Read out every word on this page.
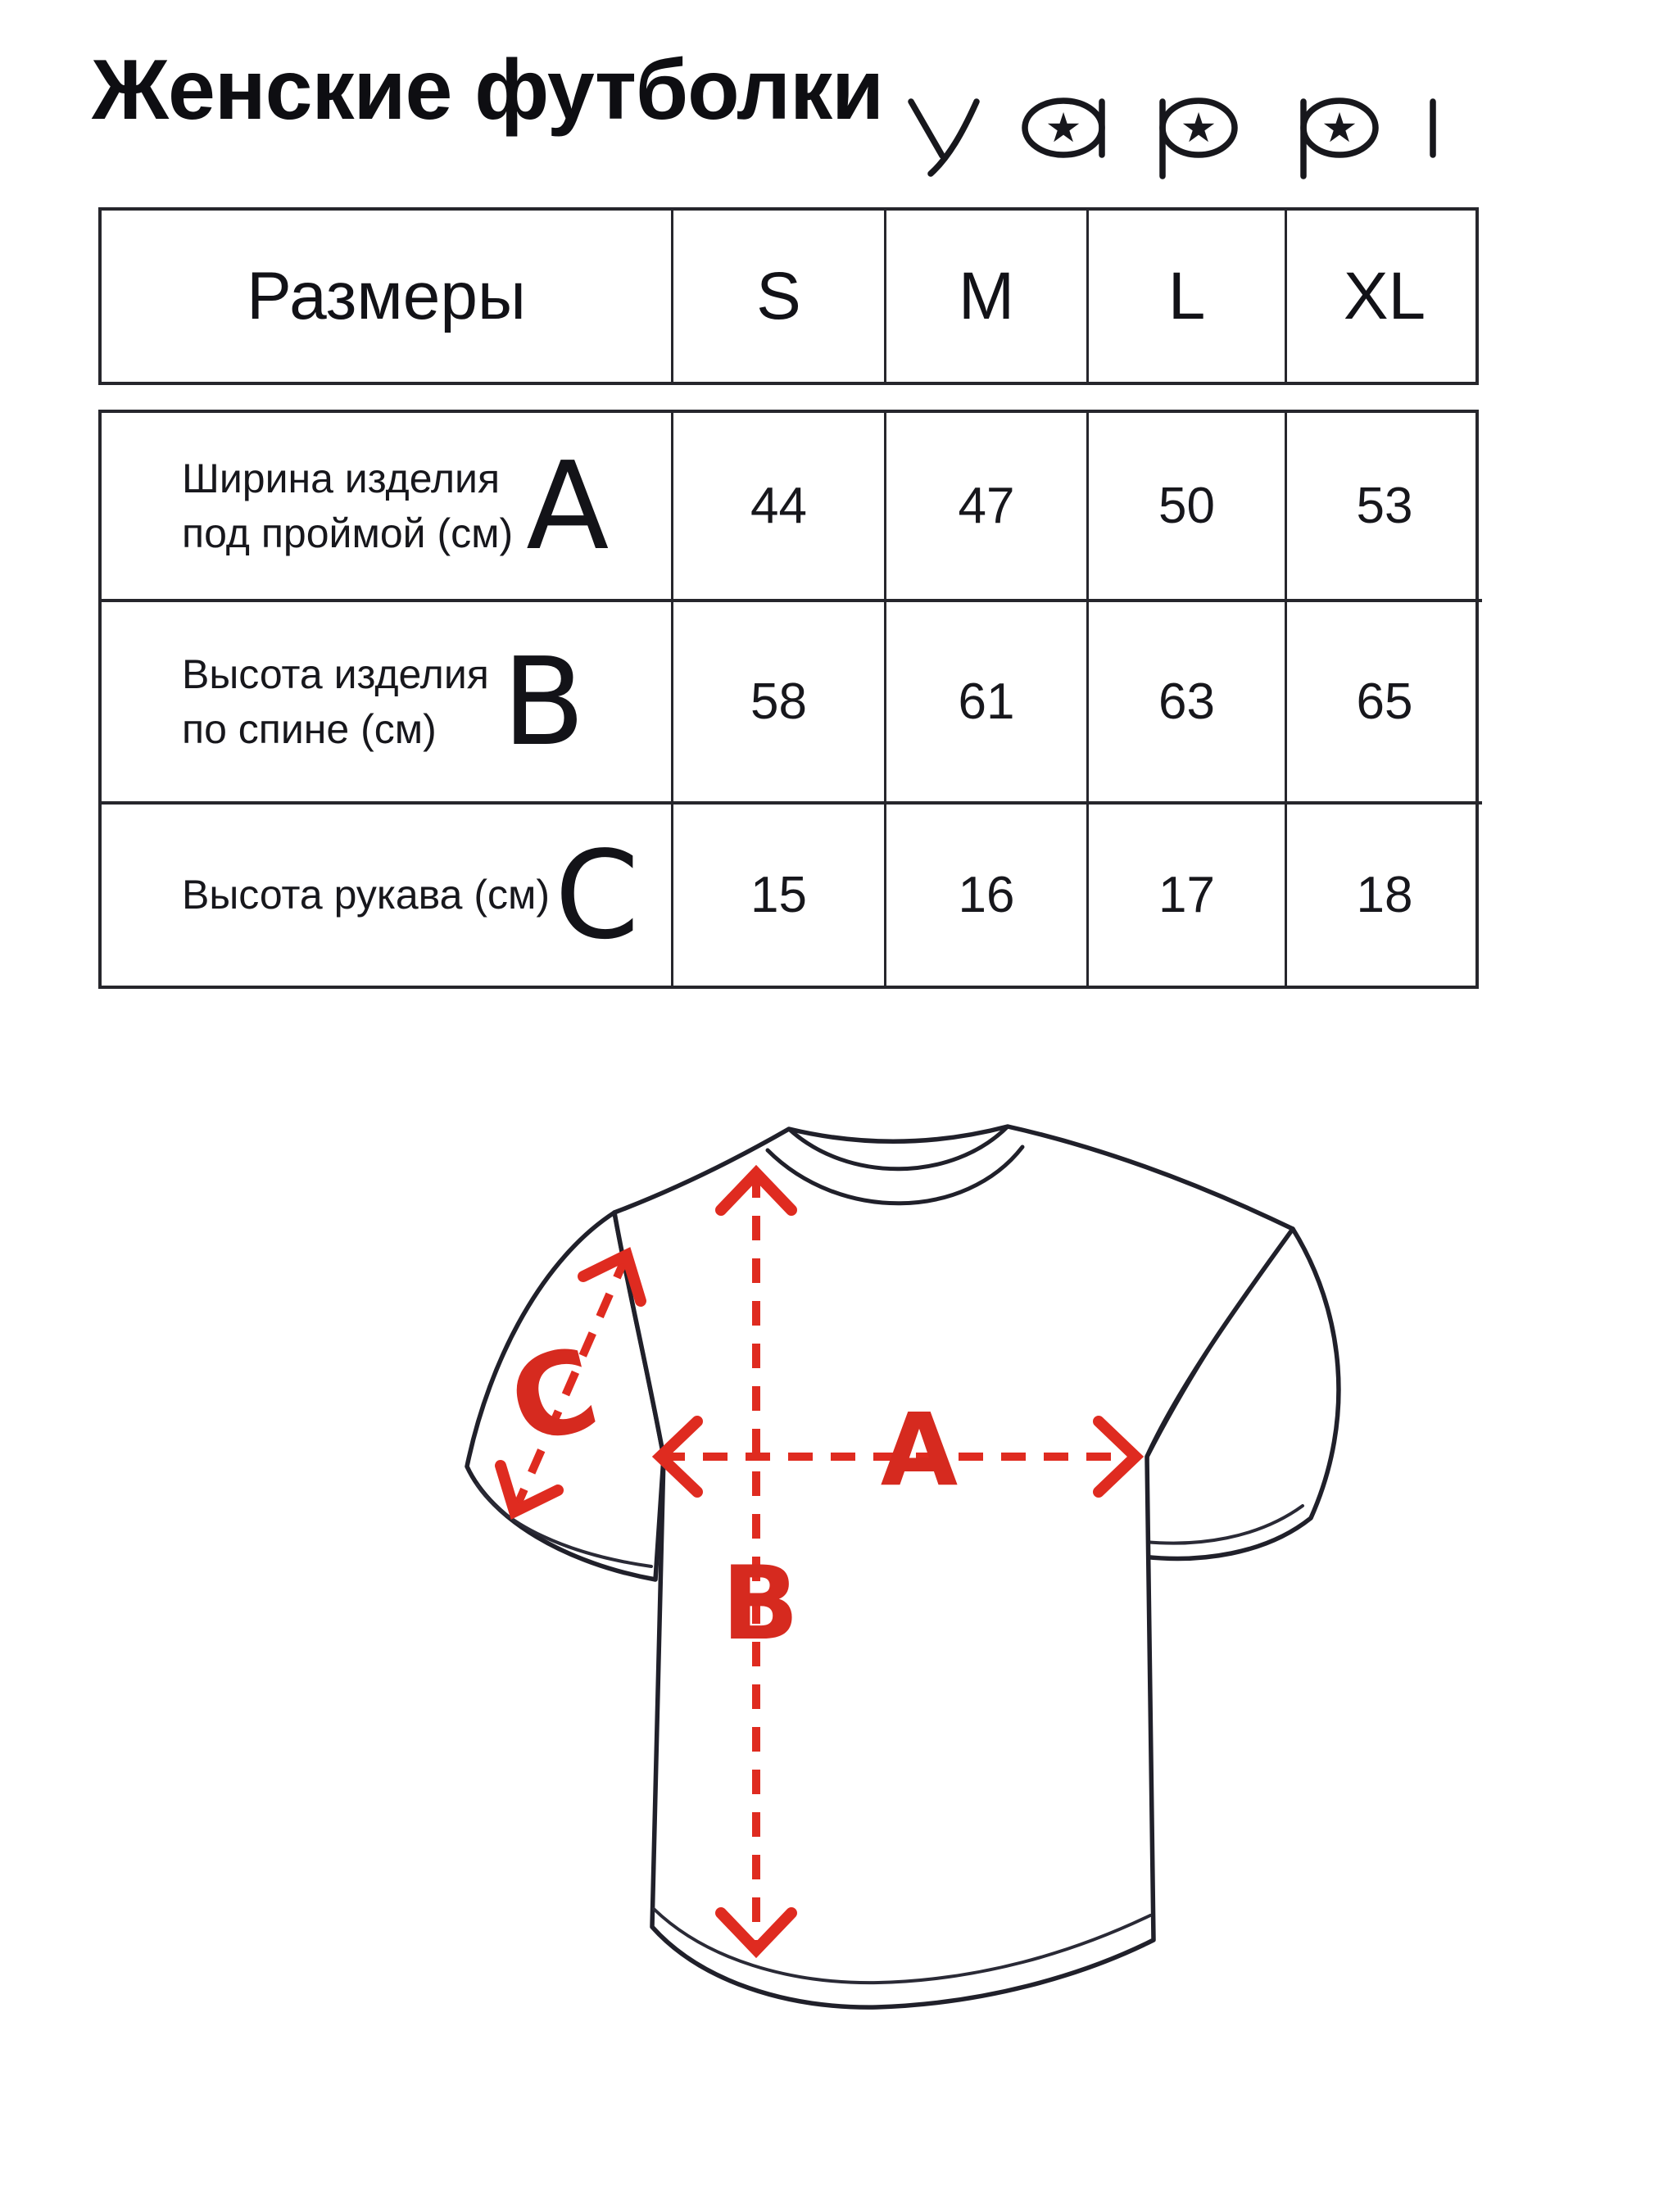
Женские футболки
Размеры	S M L XL
Ширина изделия
под проймой (см) A	44	47	50	53
Высота изделия
по спине (см) B	58	61	63	65
Высота рукава (см) C 15	16	17	18
★ ★	★
A
B
C
